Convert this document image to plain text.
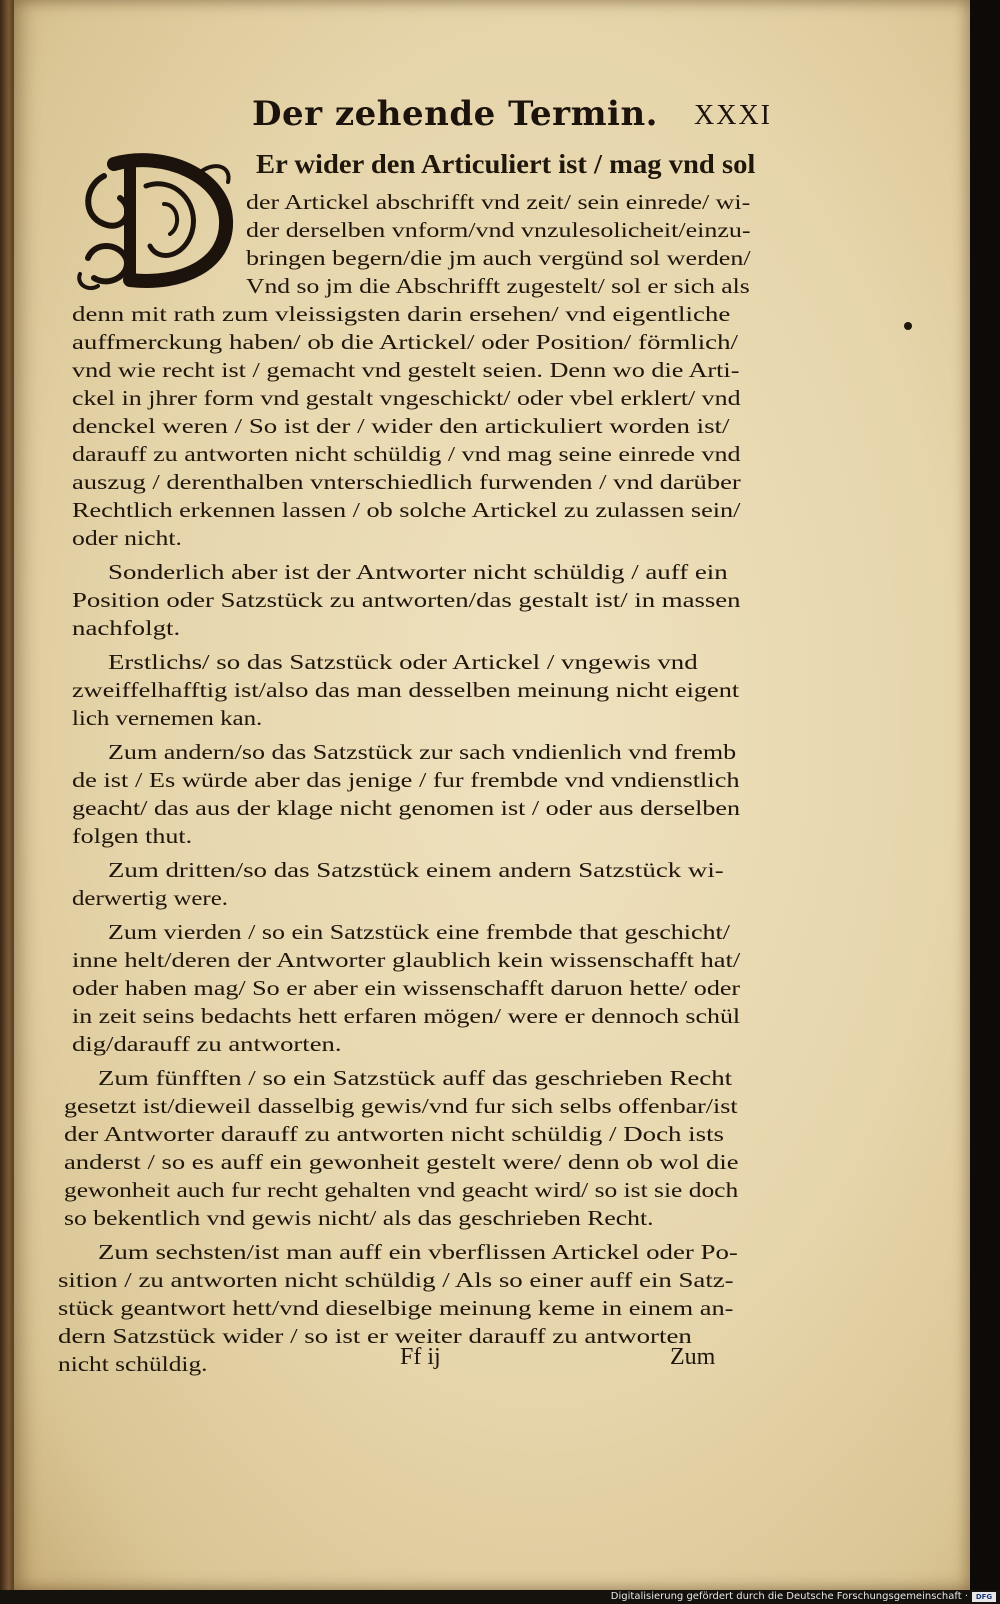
Der zehende Termin. XXXI
D
Er wider den Articuliert ist / mag vnd sol
der Artickel abschrifft vnd zeit/ sein einrede/ wi-
der derselben vnform/vnd vnzulesolicheit/einzu-
bringen begern/die jm auch vergünd sol werden/
Vnd so jm die Abschrifft zugestelt/ sol er sich als
denn mit rath zum vleissigsten darin ersehen/ vnd eigentliche
auffmerckung haben/ ob die Artickel/ oder Position/ förmlich/
vnd wie recht ist / gemacht vnd gestelt seien. Denn wo die Arti-
ckel in jhrer form vnd gestalt vngeschickt/ oder vbel erklert/ vnd
denckel weren / So ist der / wider den artickuliert worden ist/
darauff zu antworten nicht schüldig / vnd mag seine einrede vnd
auszug / derenthalben vnterschiedlich furwenden / vnd darüber
Rechtlich erkennen lassen / ob solche Artickel zu zulassen sein/
oder nicht.
Sonderlich aber ist der Antworter nicht schüldig / auff ein
Position oder Satzstück zu antworten/das gestalt ist/ in massen
nachfolgt.
Erstlichs/ so das Satzstück oder Artickel / vngewis vnd
zweiffelhafftig ist/also das man desselben meinung nicht eigent
lich vernemen kan.
Zum andern/so das Satzstück zur sach vndienlich vnd fremb
de ist / Es würde aber das jenige / fur frembde vnd vndienstlich
geacht/ das aus der klage nicht genomen ist / oder aus derselben
folgen thut.
Zum dritten/so das Satzstück einem andern Satzstück wi-
derwertig were.
Zum vierden / so ein Satzstück eine frembde that geschicht/
inne helt/deren der Antworter glaublich kein wissenschafft hat/
oder haben mag/ So er aber ein wissenschafft daruon hette/ oder
in zeit seins bedachts hett erfaren mögen/ were er dennoch schül
dig/darauff zu antworten.
Zum fünfften / so ein Satzstück auff das geschrieben Recht
gesetzt ist/dieweil dasselbig gewis/vnd fur sich selbs offenbar/ist
der Antworter darauff zu antworten nicht schüldig / Doch ists
anderst / so es auff ein gewonheit gestelt were/ denn ob wol die
gewonheit auch fur recht gehalten vnd geacht wird/ so ist sie doch
so bekentlich vnd gewis nicht/ als das geschrieben Recht.
Zum sechsten/ist man auff ein vberflissen Artickel oder Po-
sition / zu antworten nicht schüldig / Als so einer auff ein Satz-
stück geantwort hett/vnd dieselbige meinung keme in einem an-
dern Satzstück wider / so ist er weiter darauff zu antworten
nicht schüldig.	Ff ij	Zum
Digitalisierung gefördert durch die Deutsche Forschungsgemeinschaft ·	DFG
